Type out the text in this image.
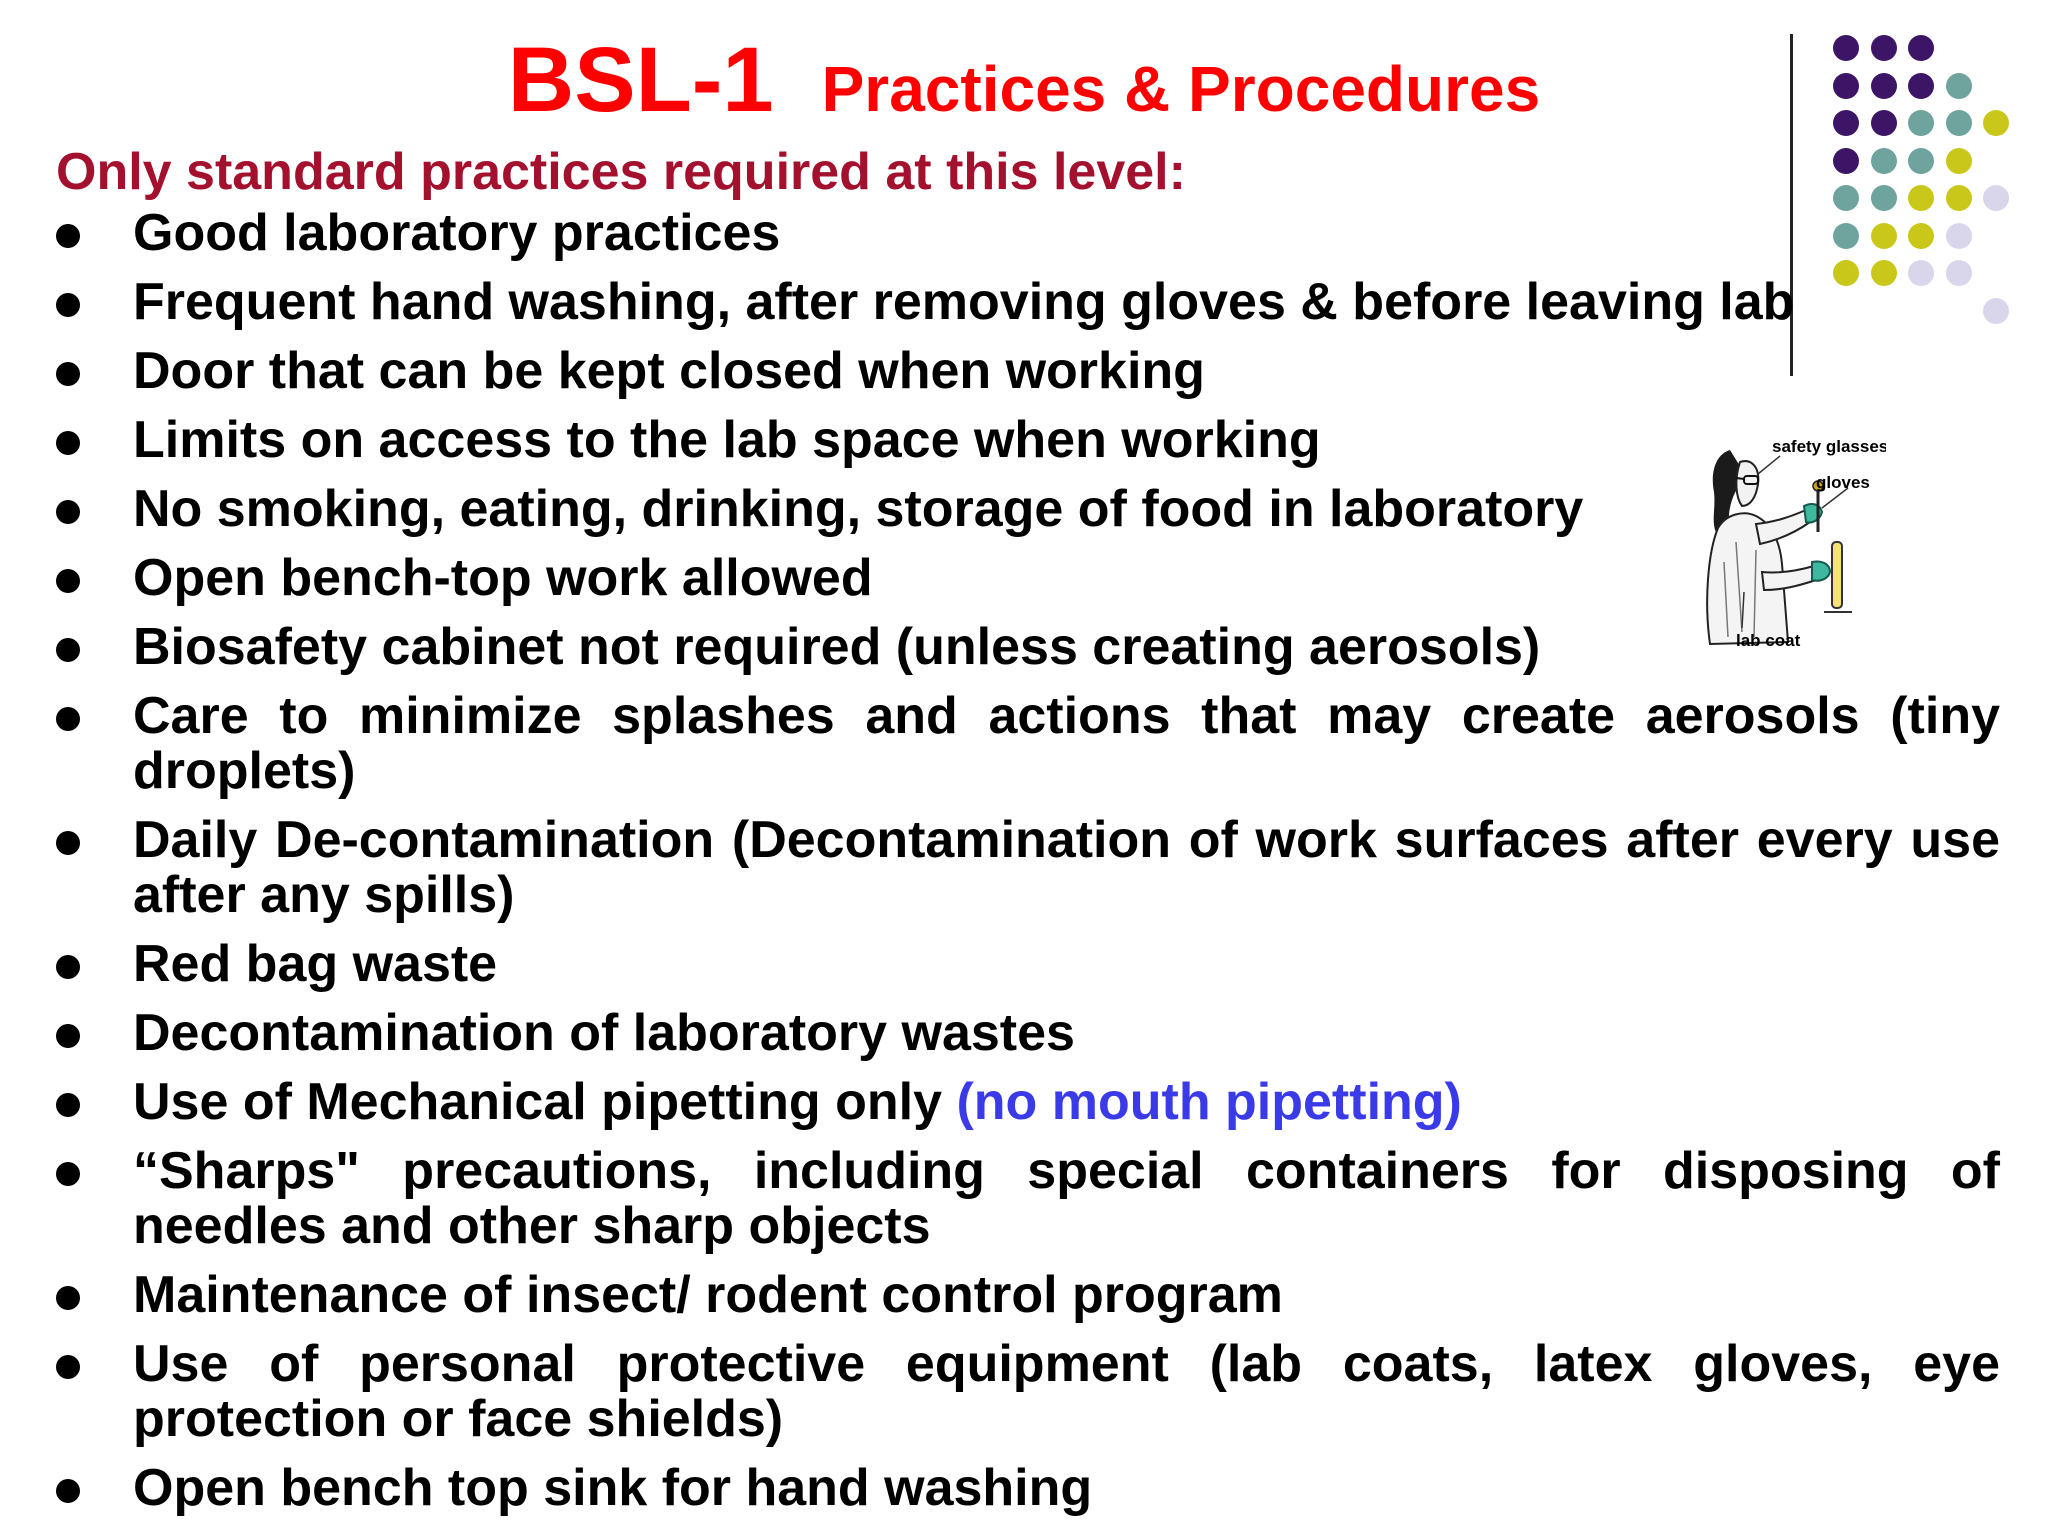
BSL-1 Practices & Procedures
Only standard practices required at this level:
Good laboratory practices
Frequent hand washing, after removing gloves & before leaving lab
Door that can be kept closed when working
Limits on access to the lab space when working
No smoking, eating, drinking, storage of food in laboratory
Open bench-top work allowed
Biosafety cabinet not required (unless creating aerosols)
Care to minimize splashes and actions that may create aerosols (tiny droplets)
Daily De-contamination (Decontamination of work surfaces after every use after any spills)
Red bag waste
Decontamination of laboratory wastes
Use of Mechanical pipetting only (no mouth pipetting)
“Sharps" precautions, including special containers for disposing of needles and other sharp objects
Maintenance of insect/ rodent control program
Use of personal protective equipment (lab coats, latex gloves, eye protection or face shields)
Open bench top sink for hand washing
safety glasses
gloves
lab coat
